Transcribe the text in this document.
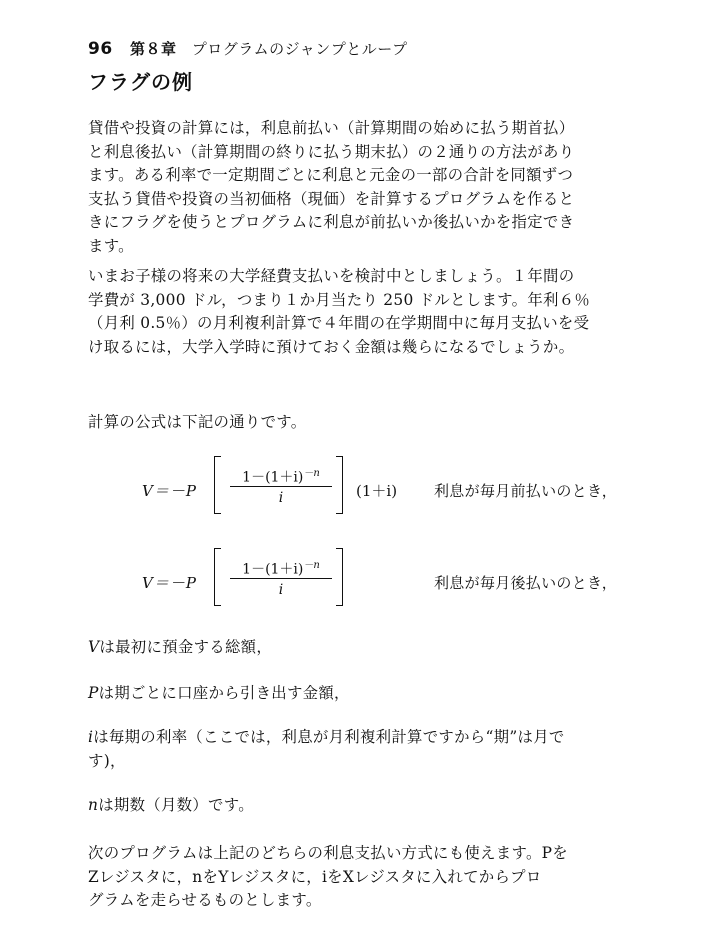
96 第８章 プログラムのジャンプとループ
フラグの例
貸借や投資の計算には，利息前払い（計算期間の始めに払う期首払）
と利息後払い（計算期間の終りに払う期末払）の２通りの方法があり
ます。ある利率で一定期間ごとに利息と元金の一部の合計を同額ずつ
支払う貸借や投資の当初価格（現価）を計算するプログラムを作ると
きにフラグを使うとプログラムに利息が前払いか後払いかを指定でき
ます。
いまお子様の将来の大学経費支払いを検討中としましょう。１年間の
学費が 3,000 ドル，つまり１か月当たり 250 ドルとします。年利６％
（月利 0.5％）の月利複利計算で４年間の在学期間中に毎月支払いを受
け取るには，大学入学時に預けておく金額は幾らになるでしょうか。
計算の公式は下記の通りです。
V＝－P
$1-(1+i)^{-n}$
i	(1＋i) 利息が毎月前払いのとき，
V＝－P
$1-(1+i)^{-n}$
i	利息が毎月後払いのとき，
Vは最初に預金する総額，
Pは期ごとに口座から引き出す金額，
iは毎期の利率（ここでは，利息が月利複利計算ですから“期”は月で
す)，
nは期数（月数）です。
次のプログラムは上記のどちらの利息支払い方式にも使えます。Pを
Zレジスタに，nをYレジスタに，iをXレジスタに入れてからプロ
グラムを走らせるものとします。
